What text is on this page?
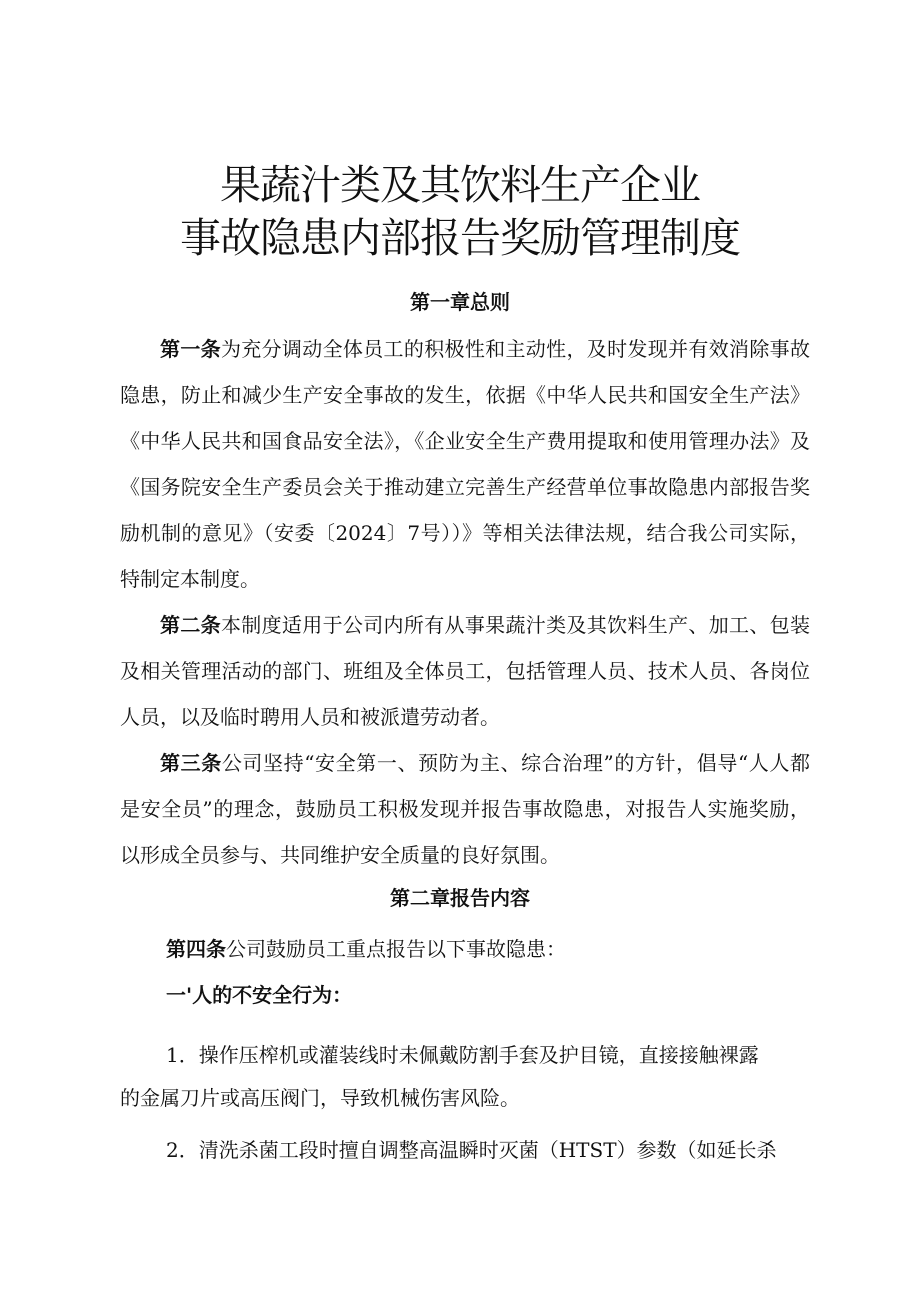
果蔬汁类及其饮料生产企业
事故隐患内部报告奖励管理制度
第一章总则
第一条为充分调动全体员工的积极性和主动性，及时发现并有效消除事故隐患，防止和减少生产安全事故的发生，依据《中华人民共和国安全生产法》《中华人民共和国食品安全法》，《企业安全生产费用提取和使用管理办法》及《国务院安全生产委员会关于推动建立完善生产经营单位事故隐患内部报告奖励机制的意见》（安委〔2024〕7号））》等相关法律法规，结合我公司实际，特制定本制度。
第二条本制度适用于公司内所有从事果蔬汁类及其饮料生产、加工、包装及相关管理活动的部门、班组及全体员工，包括管理人员、技术人员、各岗位人员，以及临时聘用人员和被派遣劳动者。
第三条公司坚持“安全第一、预防为主、综合治理”的方针，倡导“人人都是安全员”的理念，鼓励员工积极发现并报告事故隐患，对报告人实施奖励，以形成全员参与、共同维护安全质量的良好氛围。
第二章报告内容
第四条公司鼓励员工重点报告以下事故隐患：
一'人的不安全行为：
1．操作压榨机或灌装线时未佩戴防割手套及护目镜，直接接触裸露
的金属刀片或高压阀门，导致机械伤害风险。
2．清洗杀菌工段时擅自调整高温瞬时灭菌（HTST）参数（如延长杀
